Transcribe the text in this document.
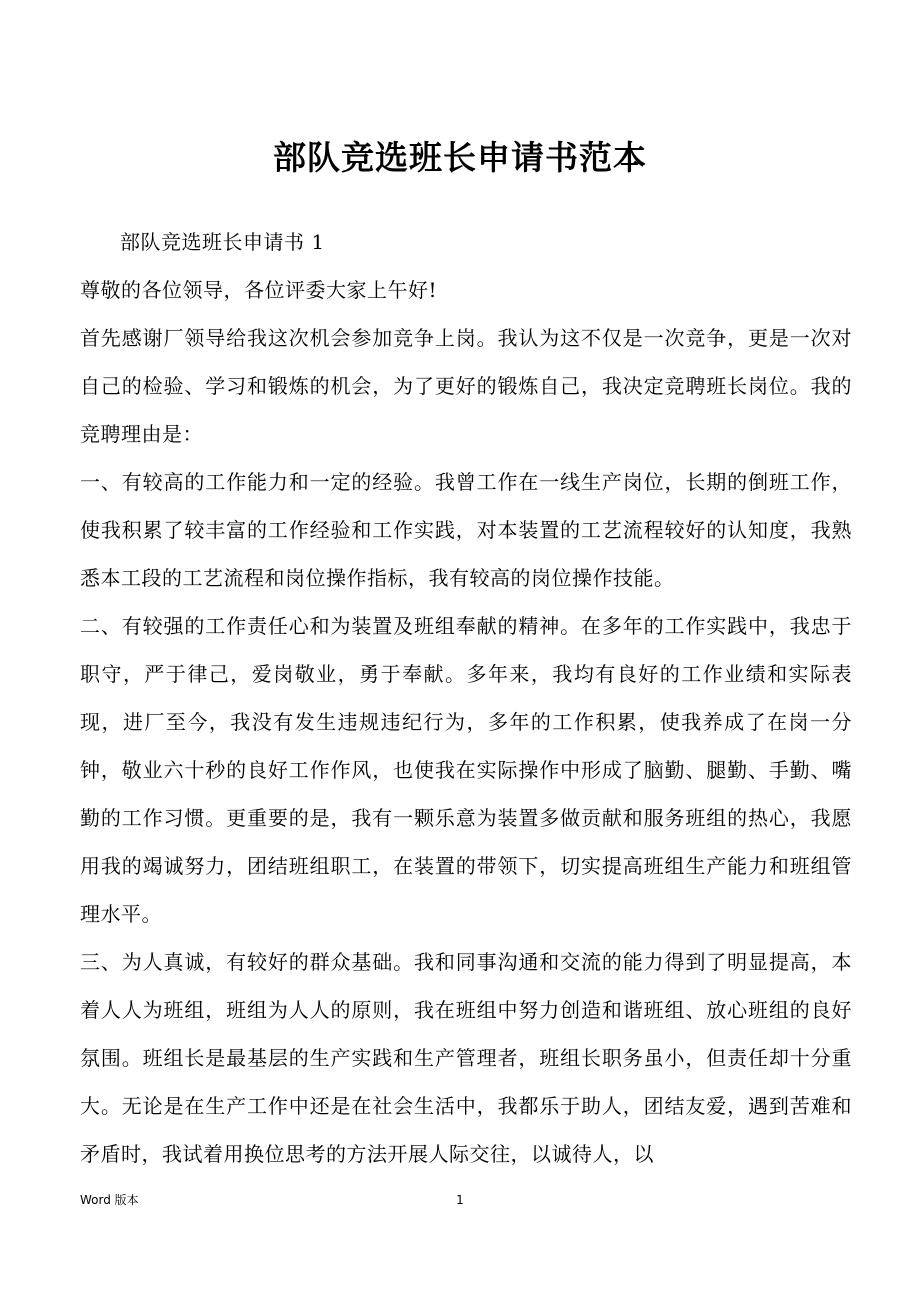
部队竞选班长申请书范本

部队竞选班长申请书 1

尊敬的各位领导，各位评委大家上午好!

首先感谢厂领导给我这次机会参加竞争上岗。我认为这不仅是一次竞争，更是一次对自己的检验、学习和锻炼的机会，为了更好的锻炼自己，我决定竞聘班长岗位。我的竞聘理由是：

一、有较高的工作能力和一定的经验。我曾工作在一线生产岗位，长期的倒班工作，使我积累了较丰富的工作经验和工作实践，对本装置的工艺流程较好的认知度，我熟悉本工段的工艺流程和岗位操作指标，我有较高的岗位操作技能。

二、有较强的工作责任心和为装置及班组奉献的精神。在多年的工作实践中，我忠于职守，严于律己，爱岗敬业，勇于奉献。多年来，我均有良好的工作业绩和实际表现，进厂至今，我没有发生违规违纪行为，多年的工作积累，使我养成了在岗一分钟，敬业六十秒的良好工作作风，也使我在实际操作中形成了脑勤、腿勤、手勤、嘴勤的工作习惯。更重要的是，我有一颗乐意为装置多做贡献和服务班组的热心，我愿用我的竭诚努力，团结班组职工，在装置的带领下，切实提高班组生产能力和班组管理水平。

三、为人真诚，有较好的群众基础。我和同事沟通和交流的能力得到了明显提高，本着人人为班组，班组为人人的原则，我在班组中努力创造和谐班组、放心班组的良好氛围。班组长是最基层的生产实践和生产管理者，班组长职务虽小，但责任却十分重大。无论是在生产工作中还是在社会生活中，我都乐于助人，团结友爱，遇到苦难和矛盾时，我试着用换位思考的方法开展人际交往，以诚待人，以

Word 版本	1
